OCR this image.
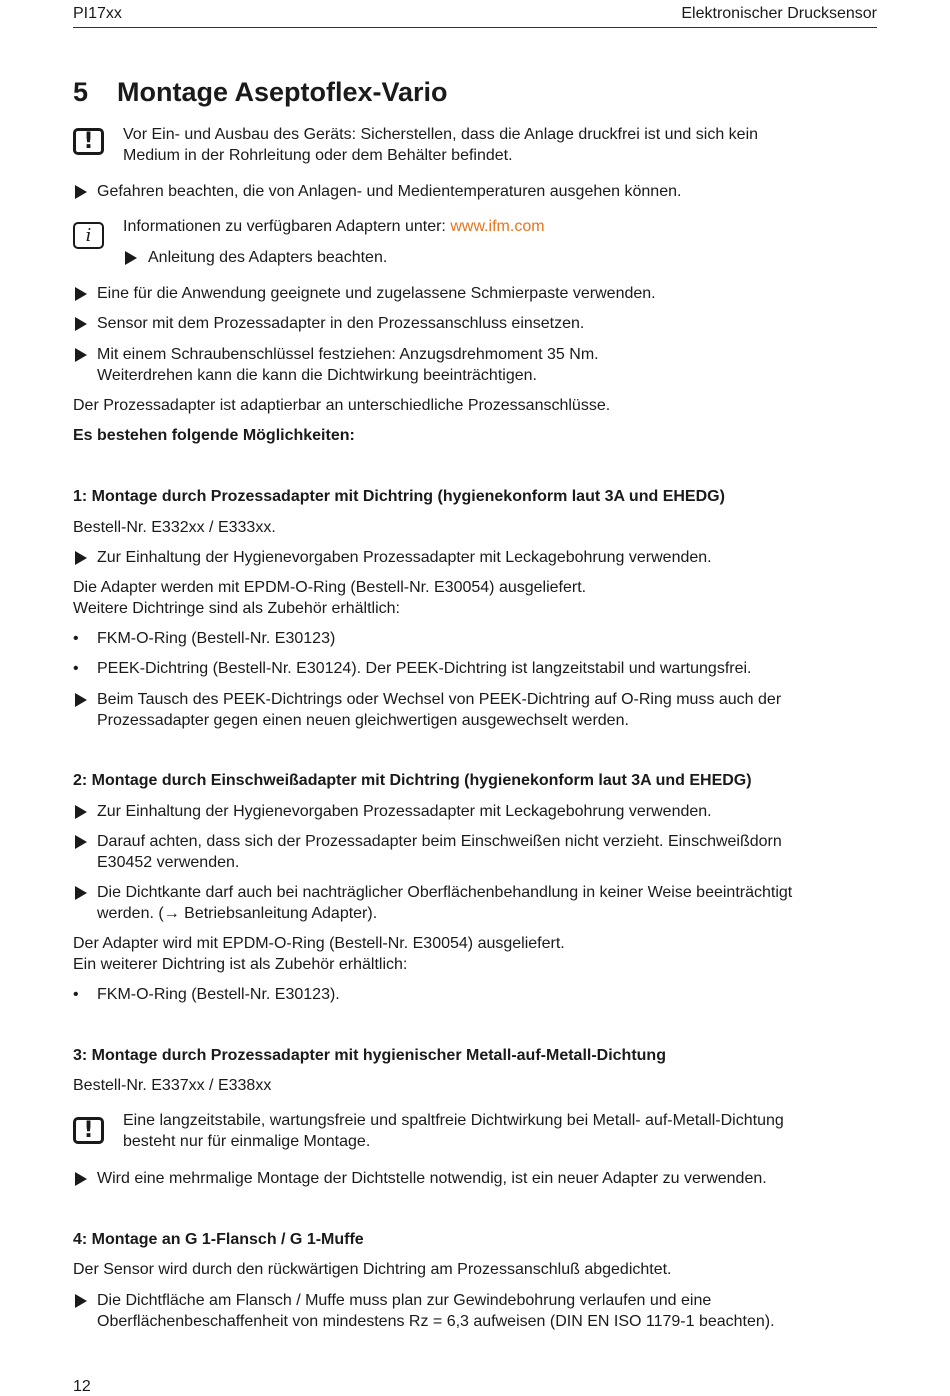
PI17xx	Elektronischer Drucksensor
5 Montage Aseptoflex-Vario
!	Vor Ein- und Ausbau des Geräts: Sicherstellen, dass die Anlage druckfrei ist und sich kein
Medium in der Rohrleitung oder dem Behälter befindet.
Gefahren beachten, die von Anlagen- und Medientemperaturen ausgehen können.
i	Informationen zu verfügbaren Adaptern unter: www.ifm.com
Anleitung des Adapters beachten.
Eine für die Anwendung geeignete und zugelassene Schmierpaste verwenden.
Sensor mit dem Prozessadapter in den Prozessanschluss einsetzen.
Mit einem Schraubenschlüssel festziehen: Anzugsdrehmoment 35 Nm.
Weiterdrehen kann die kann die Dichtwirkung beeinträchtigen.
Der Prozessadapter ist adaptierbar an unterschiedliche Prozessanschlüsse.
Es bestehen folgende Möglichkeiten:
1: Montage durch Prozessadapter mit Dichtring (hygienekonform laut 3A und EHEDG)
Bestell-Nr. E332xx / E333xx.
Zur Einhaltung der Hygienevorgaben Prozessadapter mit Leckagebohrung verwenden.
Die Adapter werden mit EPDM-O-Ring (Bestell-Nr. E30054) ausgeliefert.
Weitere Dichtringe sind als Zubehör erhältlich:
• FKM-O-Ring (Bestell-Nr. E30123)
• PEEK-Dichtring (Bestell-Nr. E30124). Der PEEK-Dichtring ist langzeitstabil und wartungsfrei.
Beim Tausch des PEEK-Dichtrings oder Wechsel von PEEK-Dichtring auf O-Ring muss auch der
Prozessadapter gegen einen neuen gleichwertigen ausgewechselt werden.
2: Montage durch Einschweißadapter mit Dichtring (hygienekonform laut 3A und EHEDG)
Zur Einhaltung der Hygienevorgaben Prozessadapter mit Leckagebohrung verwenden.
Darauf achten, dass sich der Prozessadapter beim Einschweißen nicht verzieht. Einschweißdorn
E30452 verwenden.
Die Dichtkante darf auch bei nachträglicher Oberflächenbehandlung in keiner Weise beeinträchtigt
werden. (→ Betriebsanleitung Adapter).
Der Adapter wird mit EPDM-O-Ring (Bestell-Nr. E30054) ausgeliefert.
Ein weiterer Dichtring ist als Zubehör erhältlich:
• FKM-O-Ring (Bestell-Nr. E30123).
3: Montage durch Prozessadapter mit hygienischer Metall-auf-Metall-Dichtung
Bestell-Nr. E337xx / E338xx
!	Eine langzeitstabile, wartungsfreie und spaltfreie Dichtwirkung bei Metall- auf-Metall-Dichtung
besteht nur für einmalige Montage.
Wird eine mehrmalige Montage der Dichtstelle notwendig, ist ein neuer Adapter zu verwenden.
4: Montage an G 1-Flansch / G 1-Muffe
Der Sensor wird durch den rückwärtigen Dichtring am Prozessanschluß abgedichtet.
Die Dichtfläche am Flansch / Muffe muss plan zur Gewindebohrung verlaufen und eine
Oberflächenbeschaffenheit von mindestens Rz = 6,3 aufweisen (DIN EN ISO 1179-1 beachten).
12
